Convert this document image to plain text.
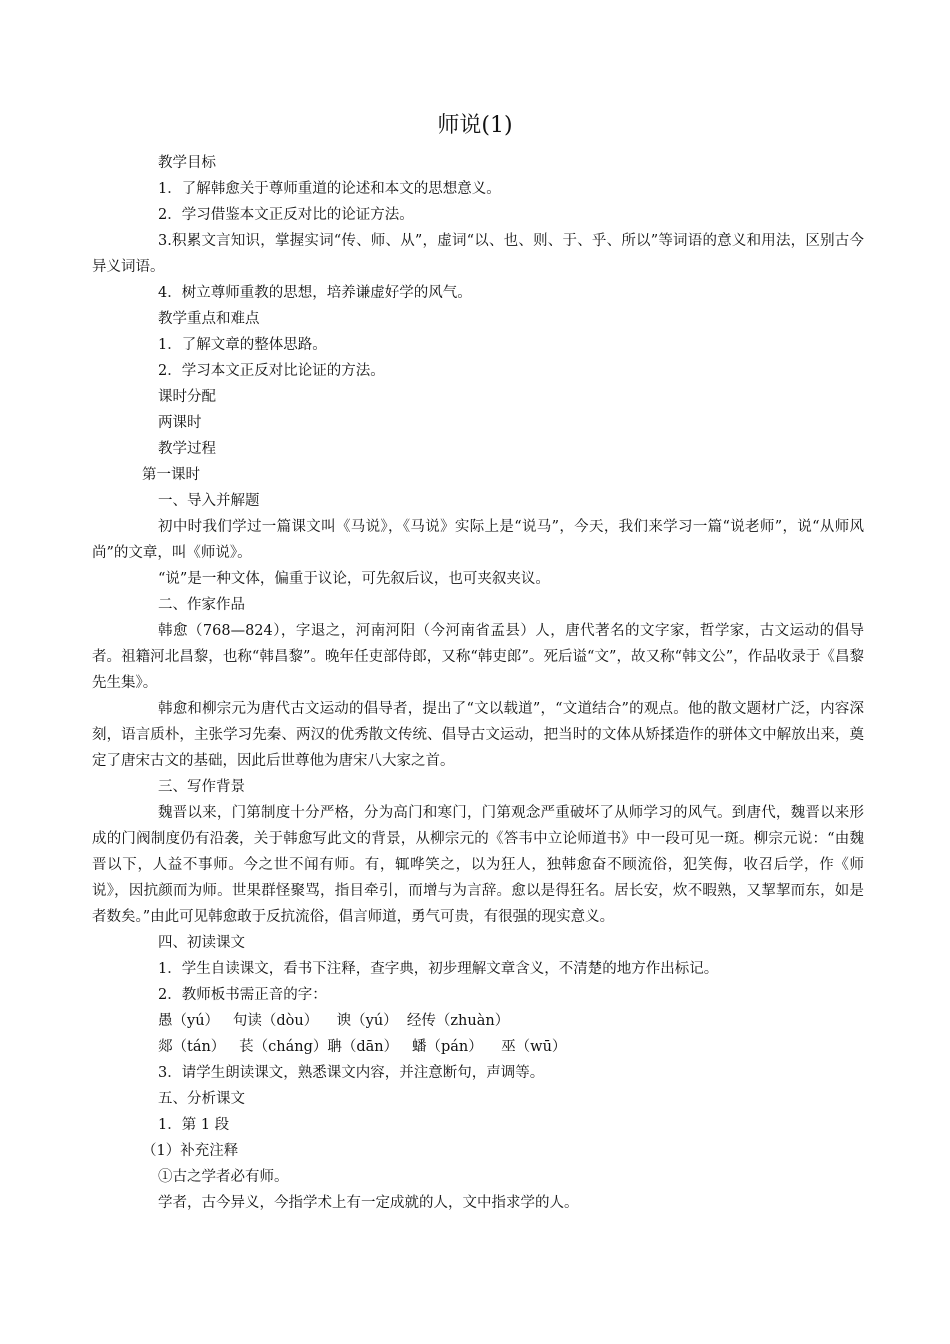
师说(1)

教学目标

1．了解韩愈关于尊师重道的论述和本文的思想意义。

2．学习借鉴本文正反对比的论证方法。

3.积累文言知识，掌握实词“传、师、从”，虚词“以、也、则、于、乎、所以”等词语的意义和用法，区别古今异义词语。

4．树立尊师重教的思想，培养谦虚好学的风气。

教学重点和难点

1．了解文章的整体思路。

2．学习本文正反对比论证的方法。

课时分配

两课时

教学过程

第一课时

一、导入并解题

初中时我们学过一篇课文叫《马说》，《马说》实际上是“说马”，今天，我们来学习一篇“说老师”，说“从师风尚”的文章，叫《师说》。

“说”是一种文体，偏重于议论，可先叙后议，也可夹叙夹议。

二、作家作品

韩愈（768—824），字退之，河南河阳（今河南省孟县）人，唐代著名的文字家，哲学家，古文运动的倡导者。祖籍河北昌黎，也称“韩昌黎”。晚年任吏部侍郎，又称“韩吏郎”。死后谥“文”，故又称“韩文公”，作品收录于《昌黎先生集》。

韩愈和柳宗元为唐代古文运动的倡导者，提出了“文以载道”，“文道结合”的观点。他的散文题材广泛，内容深刻，语言质朴，主张学习先秦、两汉的优秀散文传统、倡导古文运动，把当时的文体从矫揉造作的骈体文中解放出来，奠定了唐宋古文的基础，因此后世尊他为唐宋八大家之首。

三、写作背景

魏晋以来，门第制度十分严格，分为高门和寒门，门第观念严重破坏了从师学习的风气。到唐代，魏晋以来形成的门阀制度仍有沿袭，关于韩愈写此文的背景，从柳宗元的《答韦中立论师道书》中一段可见一斑。柳宗元说：“由魏晋以下，人益不事师。今之世不闻有师。有，辄哗笑之，以为狂人，独韩愈奋不顾流俗，犯笑侮，收召后学，作《师说》，因抗颜而为师。世果群怪聚骂，指目牵引，而增与为言辞。愈以是得狂名。居长安，炊不暇熟，又挈挈而东，如是者数矣。”由此可见韩愈敢于反抗流俗，倡言师道，勇气可贵，有很强的现实意义。

四、初读课文

1．学生自读课文，看书下注释，查字典，初步理解文章含义，不清楚的地方作出标记。

2．教师板书需正音的字：

愚（yú）   句读（dòu）    谀（yú）  经传（zhuàn）

郯（tán）   苌（cháng）聃（dān）   蟠（pán）    巫（wū）

3．请学生朗读课文，熟悉课文内容，并注意断句，声调等。

五、分析课文

1．第 1 段

（1）补充注释

①古之学者必有师。

学者，古今异义，今指学术上有一定成就的人，文中指求学的人。
